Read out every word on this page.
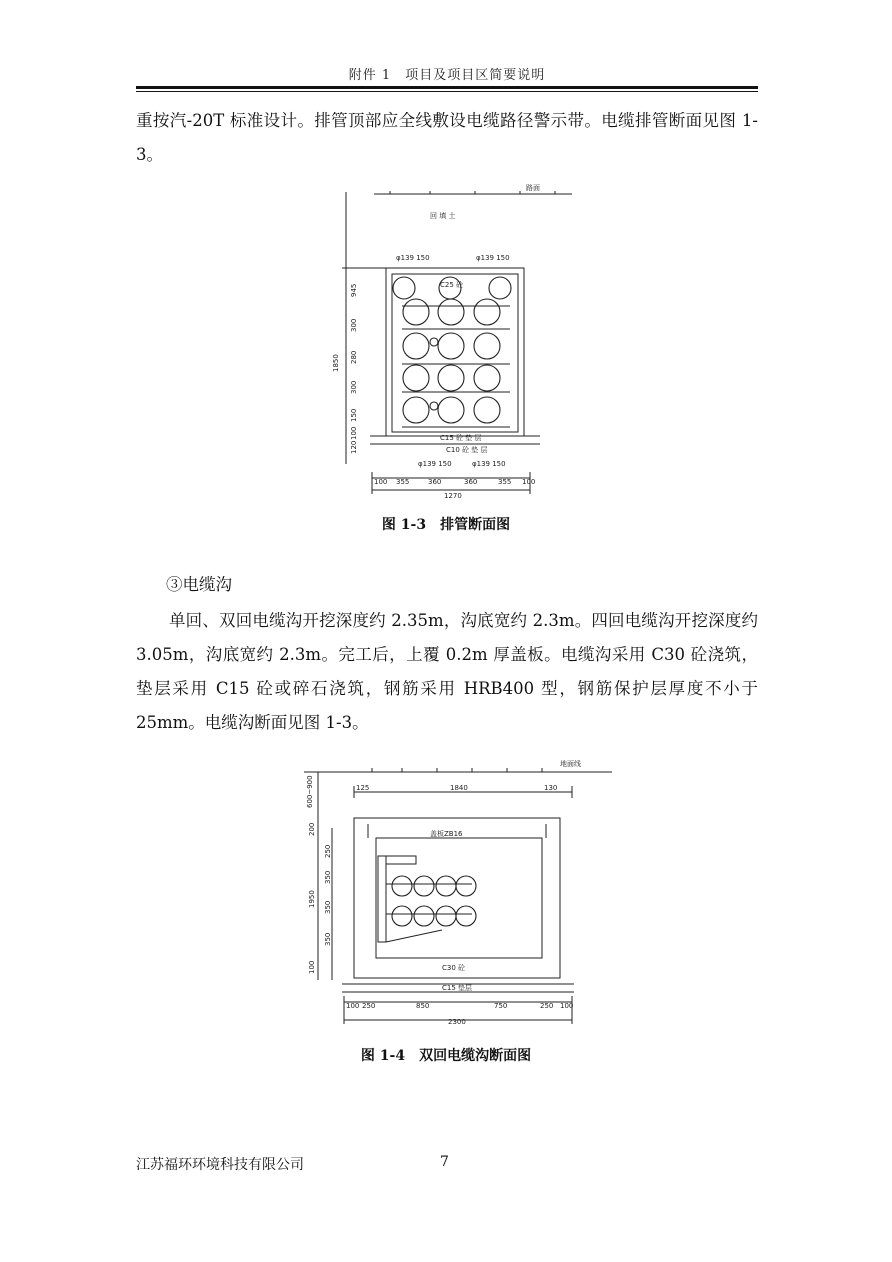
附件 1　项目及项目区简要说明
重按汽-20T 标准设计。排管顶部应全线敷设电缆路径警示带。电缆排管断面见图 1-3。
路面
回 填 土
φ139 150	φ139 150
C25 砼
C15 砼 垫 层
C10 砼 垫 层
φ139 150	φ139 150
1850
945
300
280
300
150
100
120
100 355	360	360	355 100
1270
图 1-3　排管断面图
③电缆沟
单回、双回电缆沟开挖深度约 2.35m，沟底宽约 2.3m。四回电缆沟开挖深度约 3.05m，沟底宽约 2.3m。完工后，上覆 0.2m 厚盖板。电缆沟采用 C30 砼浇筑，垫层采用 C15 砼或碎石浇筑，钢筋采用 HRB400 型，钢筋保护层厚度不小于 25mm。电缆沟断面见图 1-3。
地面线
125	1840	130
盖板ZB16
C30 砼
C15 垫层
600~900
200
1950
250
350
350
350
100
100 250	850	750	250 100
2300
图 1-4　双回电缆沟断面图
江苏福环环境科技有限公司	7
